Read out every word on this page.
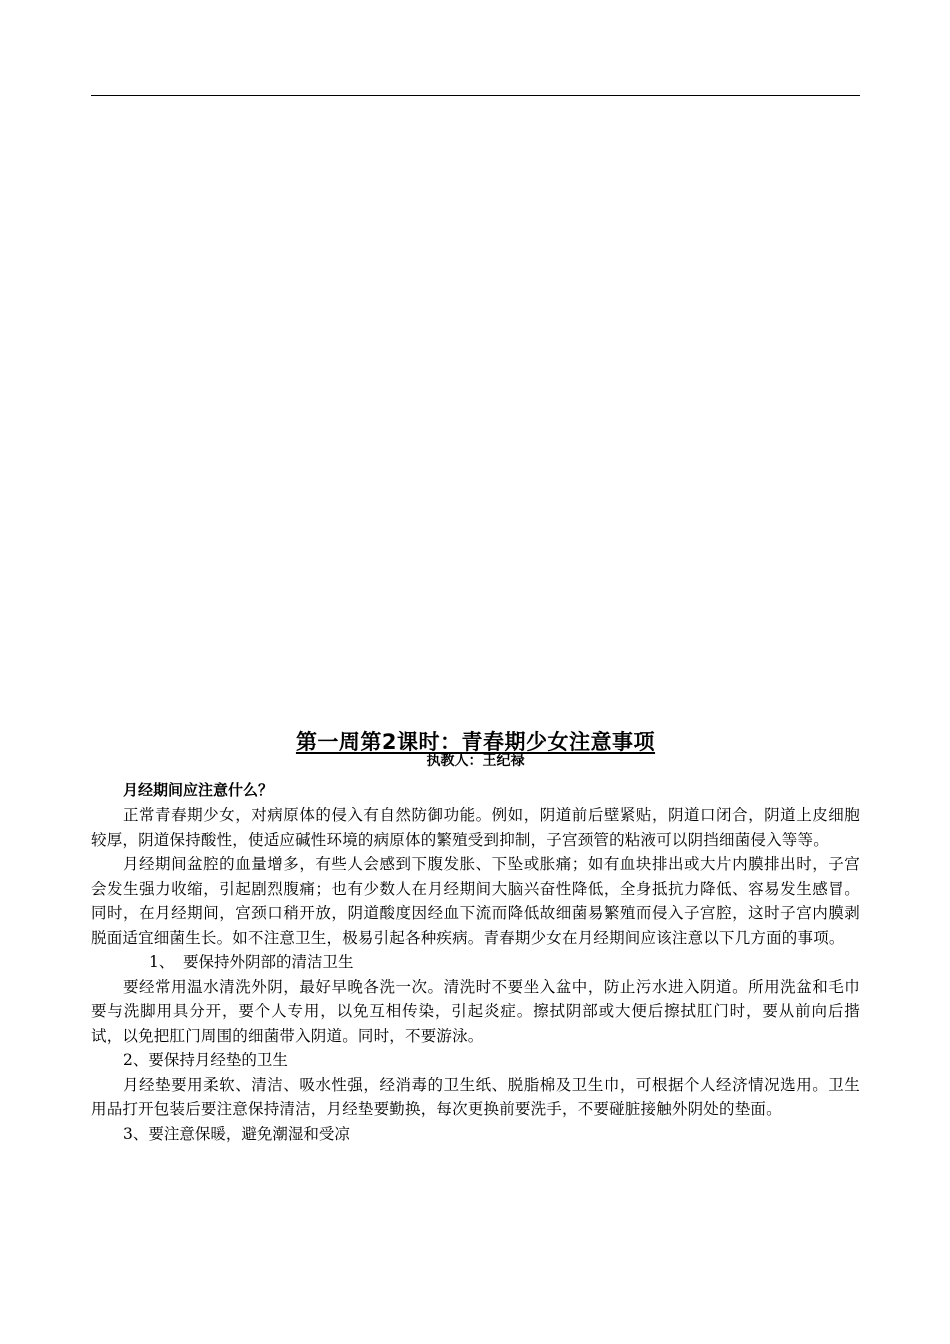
第一周第2课时：青春期少女注意事项

执教人：王纪禄

月经期间应注意什么？

正常青春期少女，对病原体的侵入有自然防御功能。例如，阴道前后壁紧贴，阴道口闭合，阴道上皮细胞较厚，阴道保持酸性，使适应碱性环境的病原体的繁殖受到抑制，子宫颈管的粘液可以阴挡细菌侵入等等。

月经期间盆腔的血量增多，有些人会感到下腹发胀、下坠或胀痛；如有血块排出或大片内膜排出时，子宫会发生强力收缩，引起剧烈腹痛；也有少数人在月经期间大脑兴奋性降低，全身抵抗力降低、容易发生感冒。同时，在月经期间，宫颈口稍开放，阴道酸度因经血下流而降低故细菌易繁殖而侵入子宫腔，这时子宫内膜剥脱面适宜细菌生长。如不注意卫生，极易引起各种疾病。青春期少女在月经期间应该注意以下几方面的事项。

1、 要保持外阴部的清洁卫生

要经常用温水清洗外阴，最好早晚各洗一次。清洗时不要坐入盆中，防止污水进入阴道。所用洗盆和毛巾要与洗脚用具分开，要个人专用，以免互相传染，引起炎症。擦拭阴部或大便后擦拭肛门时，要从前向后揩试，以免把肛门周围的细菌带入阴道。同时，不要游泳。

2、要保持月经垫的卫生

月经垫要用柔软、清洁、吸水性强，经消毒的卫生纸、脱脂棉及卫生巾，可根据个人经济情况选用。卫生用品打开包装后要注意保持清洁，月经垫要勤换，每次更换前要洗手，不要碰脏接触外阴处的垫面。

3、要注意保暖，避免潮湿和受凉
